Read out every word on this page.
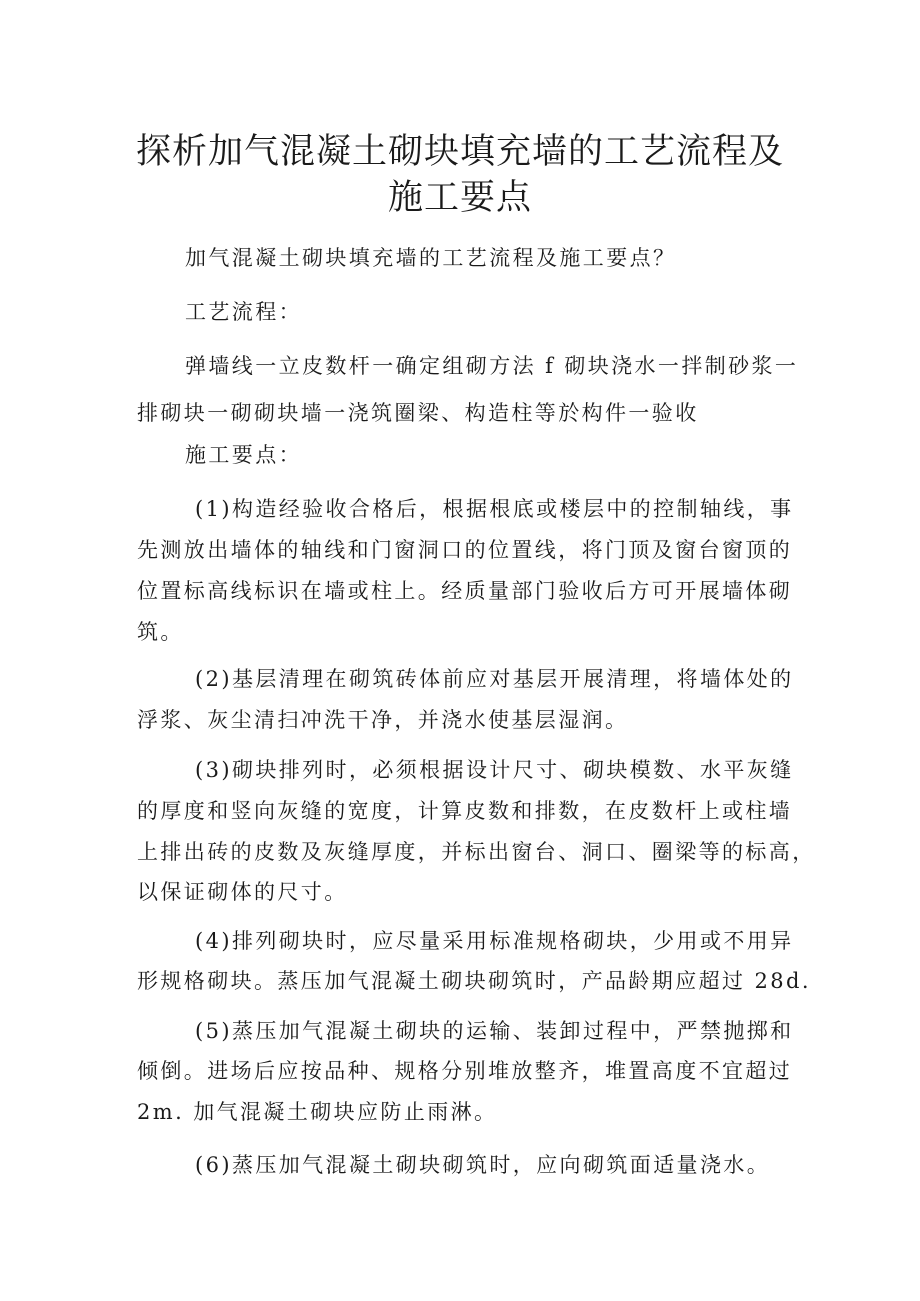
探析加气混凝土砌块填充墙的工艺流程及
施工要点

加气混凝土砌块填充墙的工艺流程及施工要点？

工艺流程：

弹墙线一立皮数杆一确定组砌方法 f 砌块浇水一拌制砂浆一

排砌块一砌砌块墙一浇筑圈梁、构造柱等於构件一验收

施工要点：

(1)构造经验收合格后，根据根底或楼层中的控制轴线，事

先测放出墙体的轴线和门窗洞口的位置线，将门顶及窗台窗顶的

位置标高线标识在墙或柱上。经质量部门验收后方可开展墙体砌

筑。

(2)基层清理在砌筑砖体前应对基层开展清理，将墙体处的

浮浆、灰尘清扫冲洗干净，并浇水使基层湿润。

(3)砌块排列时，必须根据设计尺寸、砌块模数、水平灰缝

的厚度和竖向灰缝的宽度，计算皮数和排数，在皮数杆上或柱墙

上排出砖的皮数及灰缝厚度，并标出窗台、洞口、圈梁等的标高，

以保证砌体的尺寸。

(4)排列砌块时，应尽量采用标准规格砌块，少用或不用异

形规格砌块。蒸压加气混凝土砌块砌筑时，产品龄期应超过 28d.

(5)蒸压加气混凝土砌块的运输、装卸过程中，严禁抛掷和

倾倒。进场后应按品种、规格分别堆放整齐，堆置高度不宜超过

2m. 加气混凝土砌块应防止雨淋。

(6)蒸压加气混凝土砌块砌筑时，应向砌筑面适量浇水。
